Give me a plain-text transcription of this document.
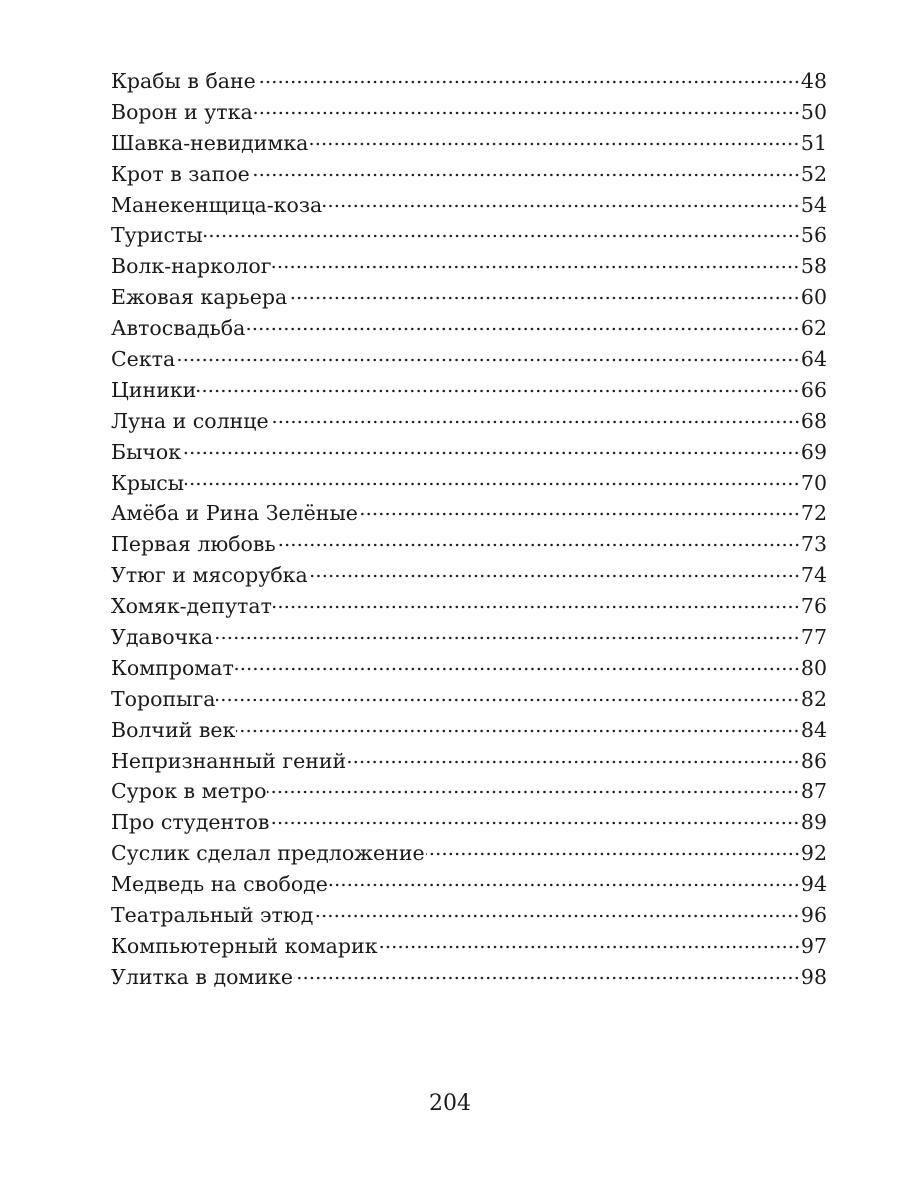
Крабы в бане	48
Ворон и утка	50
Шавка-невидимка	51
Крот в запое	52
Манекенщица-коза	54
Туристы	56
Волк-нарколог	58
Ежовая карьера	60
Автосвадьба	62
Секта	64
Циники	66
Луна и солнце	68
Бычок	69
Крысы	70
Амёба и Рина Зелёные	72
Первая любовь	73
Утюг и мясорубка	74
Хомяк-депутат	76
Удавочка	77
Компромат	80
Торопыга	82
Волчий век	84
Непризнанный гений	86
Сурок в метро	87
Про студентов	89
Суслик сделал предложение	92
Медведь на свободе	94
Театральный этюд	96
Компьютерный комарик	97
Улитка в домике	98
204
